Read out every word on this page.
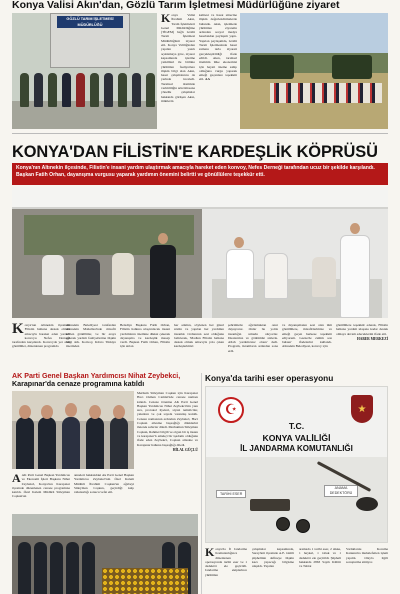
Konya Valisi Akın'dan, Gözlü Tarım İşletmesi Müdürlüğüne ziyaret
GÖZLÜ TARIM İŞLETMESİ MÜDÜRLÜĞÜ	Konya Valisi İbrahim Akın, Tarım İşletmeleri Genel Müdürlüğüne (TİGEM) bağlı Gözlü Tarım İşletmesi Müdürlüğünü ziyaret etti. Konya Valiliğinden yapılan yazılı açıklamaya göre, ziyaret kapsamında işletme yetkilileri ile birlikte yürütülen faaliyetlere ilişkin bilgi alan Akın, hasat çalışmalarını da yerinde inceledi. Tarımsal üretimde verimliliğin artırılmasına yönelik çalışmalar hakkında görüşen Akın, ürünlerin
kalitesi ve hasat sürecine ilişkin değerlendirmelerde bulundu. Akın, işletmede yürütülen ziyaretin ardından sosyal medya hesabından paylaşım yaptı. Yapılan paylaşımda, Gözlü Tarım İşletmesinde hasat zamanı tarla ziyareti gerçekleştirildiği ifade edildi. Akın, tarımsal üretimin ülke ekonomisi için hayati öneme sahip olduğuna vurgu yaparak emeği geçenlere teşekkür etti. AA
KONYA'DAN FİLİSTİN'E KARDEŞLİK KÖPRÜSÜ
Konya'nın Altınekin ilçesinde, Filistin'e insani yardım ulaştırmak amacıyla hareket eden konvoy, Nefes Derneği tarafından ucuz bir şekilde karşılandı. Başkan Fatih Orhan, dayanışma vurgusu yaparak yardımın önemini belirtti ve gönüllülere teşekkür etti.
Konya'nın Altınekin ilçesinde Filistin halkına destek olmak amacıyla hareket eden yardım konvoyu Nefes Derneği tarafından karşılandı. Konvoyda yer alan gönüllüler, düzenlenen programda
Altınekin Belediyesi tarafından Altınekin Mahallesi'nde misafir edilen gönüllüler, ve bir araya gelerek yardım faaliyetlerine ilişkin bilgi aldı. Konvoy, Kıbrıs Türkiye üzerinden
Belediye Başkanı Fatih Orhan, Filistin halkına ulaştırılacak insani yardımların önemine dikkat çekerek dayanışma ve kardeşlik mesajı verdi. Başkan Fatih Orhan, Filistin için atılan
her adımın, söylenen her güzel sözün ve yapılan her yardımın insanlık vicdanının sesi olduğunu belirterek, 'Madlen Filistin halkına destek olmak amacıyla yola çıkan kardeşlerimizi
şehrimizde ağırlamaktan onur duyuyoruz. Onlar bu yolda insanlığın umudu oluyorlar. Dualarımız ve gönlümüz sizlerle. Allah yardımcınız olsun' dedi. Program, ikramların ardından sona erdi.
ve dayanışmanın sesi olan tüm gönüllülere, misafirlerimize ve emeği geçen herkese teşekkür ediyorum. Gazze'de zulüm son bulsun' ifadelerini kullandı. Altınekin Belediyesi, konvoy için
gönüllülere teşekkür ederek, Filistin halkına yardım ulaşana kadar destek olmaya devam edeceklerini ifade etti.
HABER MERKEZİ
AK Parti Genel Başkan Yardımcısı Nihat Zeybekci,
Karapınar'da cenaze programına katıldı
Merhum Süleyman Coşkun için Karapınar Hacı Osman Camisi'nde cenaze namazı kılındı. Cenaze törenine AK Parti Genel Başkan Yardımcısı Nihat Zeybekci'nin yanı sıra, protokol üyeleri, siyasi temsilciler, yakınları ve çok sayıda vatandaş katıldı. Cenaze namazının ardından Zeybekci, Haci Coşkun ailesine başsağlığı dileklerini ileterek sabırlar diledi. Merhumun Süleyman Coşkun, Rahmet bilgili ve olgun bir iş insanı ve karapınar'lı emekçi bir işadamı olduğunu ifade eden Zeybekci, Coşkun ailesine ve Karapınar halkına başsağlığı diledi.
HİLAL GÜÇLÜ
AAK Parti Genel Başkan Yardımcısı ve Ekonomi İşleri Başkanı Nihat Zeybekci, Konya'nın Karapınar ilçesinde düzenlenen cenaze programına katıldı. Özel Kalem Müdürü Süleyman Coşkun'un
anneleri hakkındaki Ak Parti Genel Başkan Yardımcısı Zeybekci'nin Özel Kalem Müdürü İbrahim Coşkun'un ağabeyi Süleyman Coşkun, geçirdiği kalp rahatsızlığı sonucu vefat etti.
Konya'da tarihi eser operasyonu
☪	★
T.C.
KONYA VALİLİĞİ
İL JANDARMA KOMUTANLIĞI
TARİHİ ESER
ANAMA DEDEKTÖRÜ
Konya'da İl Jandarma Komutanlığınca düzenlenen operasyonda tarihi eser ve 1 dedektör ele geçirildi. Jandarma ekiplerince yürütülen
çalışmalar kapsamında, Sarayönü ilçesinde A.E. isimli şüphelinin defineye ilişkin kazı yapacağı bilgisine ulaşıldı. Yapılan
aramada 1 tarihi eser, 2 sikke, 1 heykel, 1 tabak ve 1 dedektör ele geçirildi. Şüpheli hakkında 2863 Sayılı Kültür ve Tabiat
Varlıklarını Koruma Kanunu'na muhalefetten işlem yapıldı. Olayla ilgili soruşturma sürüyor.
